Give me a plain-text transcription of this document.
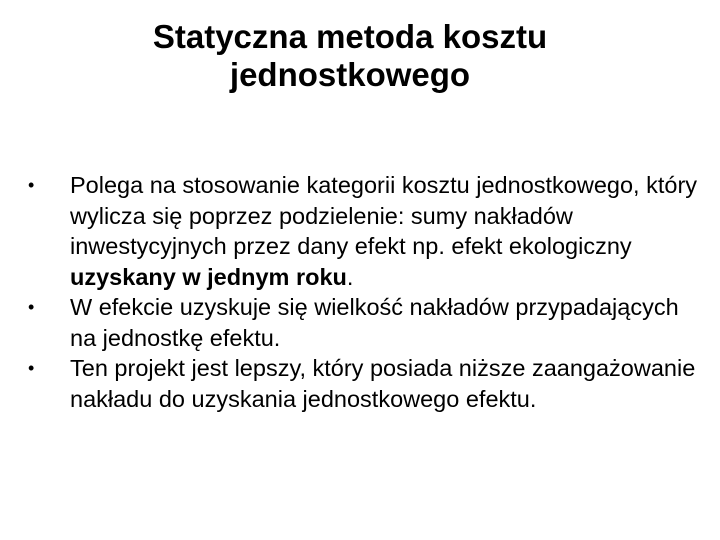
Statyczna metoda kosztu
jednostkowego
•	Polega na stosowanie kategorii kosztu jednostkowego, który wylicza się poprzez podzielenie: sumy nakładów inwestycyjnych przez dany efekt np. efekt ekologiczny uzyskany w jednym roku.
•	W efekcie uzyskuje się wielkość nakładów przypadających na jednostkę efektu.
•	Ten projekt jest lepszy, który posiada niższe zaangażowanie nakładu do uzyskania jednostkowego efektu.
